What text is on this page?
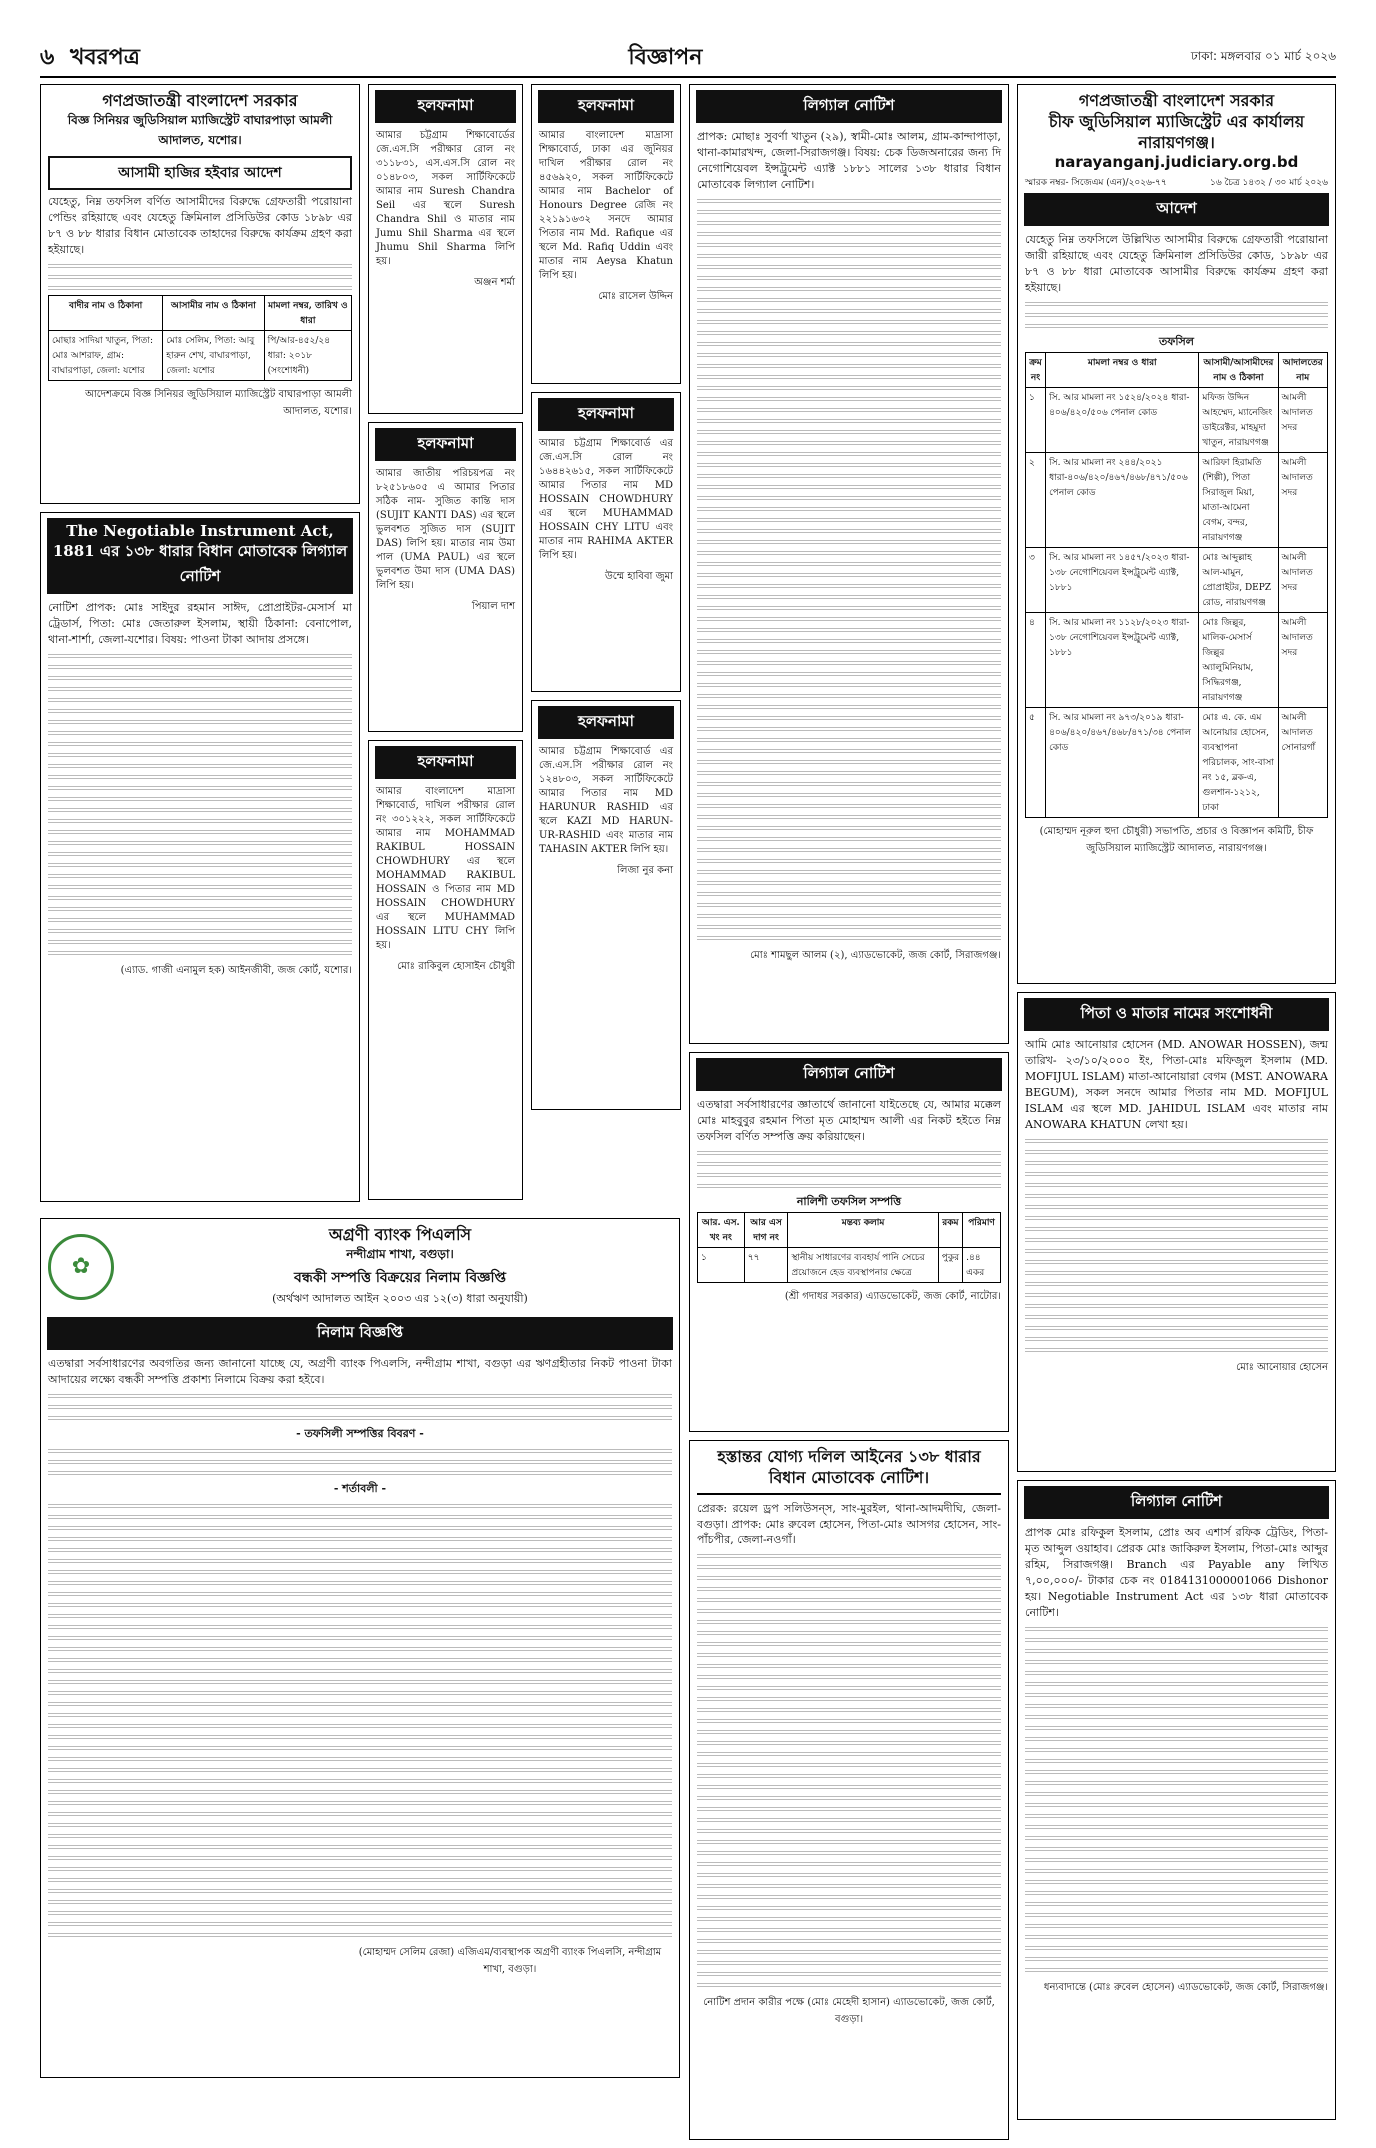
৬ খবরপত্র	বিজ্ঞাপন	ঢাকা: মঙ্গলবার ০১ মার্চ ২০২৬
গণপ্রজাতন্ত্রী বাংলাদেশ সরকার
বিজ্ঞ সিনিয়র জুডিসিয়াল ম্যাজিস্ট্রেট বাঘারপাড়া আমলী আদালত, যশোর।
আসামী হাজির হইবার আদেশ

যেহেতু, নিম্ন তফসিল বর্ণিত আসামীদের বিরুদ্ধে গ্রেফতারী পরোয়ানা পেন্ডিং রহিয়াছে এবং যেহেতু ক্রিমিনাল প্রসিডিউর কোড ১৮৯৮ এর ৮৭ ও ৮৮ ধারার বিধান মোতাবেক তাহাদের বিরুদ্ধে কার্যক্রম গ্রহণ করা হইয়াছে।

বাদীর নাম ও ঠিকানা	আসামীর নাম ও ঠিকানা	মামলা নম্বর, তারিখ ও ধারা
মোছাঃ সাদিয়া খাতুন, পিতা: মোঃ আশরাফ, গ্রাম: বাঘারপাড়া, জেলা: যশোর	মোঃ সেলিম, পিতা: আবু হারুন শেখ, বাঘারপাড়া, জেলা: যশোর	পি/আর-৪৫২/২৪ ধারা: ২০১৮ (সংশোধনী)
আদেশক্রমে বিজ্ঞ সিনিয়র জুডিসিয়াল ম্যাজিস্ট্রেট বাঘারপাড়া আমলী আদালত, যশোর।
The Negotiable Instrument Act, 1881 এর ১৩৮ ধারার বিধান মোতাবেক লিগ্যাল নোটিশ

নোটিশ প্রাপক: মোঃ সাইদুর রহমান সাঈদ, প্রোপ্রাইটর-মেসার্স মা ট্রেডার্স, পিতা: মোঃ জেতারুল ইসলাম, স্থায়ী ঠিকানা: বেনাপোল, থানা-শার্শা, জেলা-যশোর। বিষয়: পাওনা টাকা আদায় প্রসঙ্গে।

(এ্যাড. গাজী এনামুল হক) আইনজীবী, জজ কোর্ট, যশোর।
✿
অগ্রণী ব্যাংক পিএলসি
নন্দীগ্রাম শাখা, বগুড়া।
বন্ধকী সম্পত্তি বিক্রয়ের নিলাম বিজ্ঞপ্তি
(অর্থঋণ আদালত আইন ২০০৩ এর ১২(৩) ধারা অনুযায়ী)
নিলাম বিজ্ঞপ্তি

এতদ্বারা সর্বসাধারণের অবগতির জন্য জানানো যাচ্ছে যে, অগ্রণী ব্যাংক পিএলসি, নন্দীগ্রাম শাখা, বগুড়া এর ঋণগ্রহীতার নিকট পাওনা টাকা আদায়ের লক্ষ্যে বন্ধকী সম্পত্তি প্রকাশ্য নিলামে বিক্রয় করা হইবে।

- তফসিলী সম্পত্তির বিবরণ -
- শর্তাবলী -
(মোহাম্মদ সেলিম রেজা) এজিএম/ব্যবস্থাপক অগ্রণী ব্যাংক পিএলসি, নন্দীগ্রাম শাখা, বগুড়া।
হলফনামা

আমার চট্টগ্রাম শিক্ষাবোর্ডের জে.এস.সি পরীক্ষার রোল নং ৩১১৮৩১, এস.এস.সি রোল নং ০১৪৮০৩, সকল সার্টিফিকেটে আমার নাম Suresh Chandra Seil এর স্থলে Suresh Chandra Shil ও মাতার নাম Jumu Shil Sharma এর স্থলে Jhumu Shil Sharma লিপি হয়।

অঞ্জন শর্মা
হলফনামা

আমার জাতীয় পরিচয়পত্র নং ৮২৫১৮৬০৫ এ আমার পিতার সঠিক নাম- সুজিত কান্তি দাস (SUJIT KANTI DAS) এর স্থলে ভুলবশত সুজিত দাস (SUJIT DAS) লিপি হয়। মাতার নাম উমা পাল (UMA PAUL) এর স্থলে ভুলবশত উমা দাস (UMA DAS) লিপি হয়।

পিয়াল দাশ
হলফনামা

আমার বাংলাদেশ মাদ্রাসা শিক্ষাবোর্ড, দাখিল পরীক্ষার রোল নং ৩০১২২২, সকল সার্টিফিকেটে আমার নাম MOHAMMAD RAKIBUL HOSSAIN CHOWDHURY এর স্থলে MOHAMMAD RAKIBUL HOSSAIN ও পিতার নাম MD HOSSAIN CHOWDHURY এর স্থলে MUHAMMAD HOSSAIN LITU CHY লিপি হয়।

মোঃ রাকিবুল হোসাইন চৌধুরী
হলফনামা

আমার বাংলাদেশ মাদ্রাসা শিক্ষাবোর্ড, ঢাকা এর জুনিয়র দাখিল পরীক্ষার রোল নং ৪৫৬৯২০, সকল সার্টিফিকেটে আমার নাম Bachelor of Honours Degree রেজি নং ২২১৯১৬৩২ সনদে আমার পিতার নাম Md. Rafique এর স্থলে Md. Rafiq Uddin এবং মাতার নাম Aeysa Khatun লিপি হয়।

মোঃ রাসেল উদ্দিন
হলফনামা

আমার চট্টগ্রাম শিক্ষাবোর্ড এর জে.এস.সি রোল নং ১৬৪৪২৬১৫, সকল সার্টিফিকেটে আমার পিতার নাম MD HOSSAIN CHOWDHURY এর স্থলে MUHAMMAD HOSSAIN CHY LITU এবং মাতার নাম RAHIMA AKTER লিপি হয়।

উম্মে হাবিবা জুমা
হলফনামা

আমার চট্টগ্রাম শিক্ষাবোর্ড এর জে.এস.সি পরীক্ষার রোল নং ১২৪৮০৩, সকল সার্টিফিকেটে আমার পিতার নাম MD HARUNUR RASHID এর স্থলে KAZI MD HARUN-UR-RASHID এবং মাতার নাম TAHASIN AKTER লিপি হয়।

লিজা নুর কনা
লিগ্যাল নোটিশ

প্রাপক: মোছাঃ সুবর্ণা খাতুন (২৯), স্বামী-মোঃ আলম, গ্রাম-কান্দাপাড়া, থানা-কামারখন্দ, জেলা-সিরাজগঞ্জ। বিষয়: চেক ডিজঅনারের জন্য দি নেগোশিয়েবল ইন্সট্রুমেন্ট এ্যাক্ট ১৮৮১ সালের ১৩৮ ধারার বিধান মোতাবেক লিগ্যাল নোটিশ।

মোঃ শামছুল আলম (২), এ্যাডভোকেট, জজ কোর্ট, সিরাজগঞ্জ।
লিগ্যাল নোটিশ

এতদ্বারা সর্বসাধারণের জ্ঞাতার্থে জানানো যাইতেছে যে, আমার মক্কেল মোঃ মাহবুবুর রহমান পিতা মৃত মোহাম্মদ আলী এর নিকট হইতে নিম্ন তফসিল বর্ণিত সম্পত্তি ক্রয় করিয়াছেন।

নালিশী তফসিল সম্পত্তি
আর. এস. খং নং	আর এস দাগ নং	মন্তব্য কলাম	রকম	পরিমাণ
১	৭৭	স্থানীয় সাধারণের ব্যবহার্য পানি সেচের প্রয়োজনে হেড ব্যবস্থাপনার ক্ষেত্রে	পুকুর	.৪৪ একর
(শ্রী গদাধর সরকার) এ্যাডভোকেট, জজ কোর্ট, নাটোর।
হস্তান্তর যোগ্য দলিল আইনের ১৩৮ ধারার বিধান মোতাবেক নোটিশ।

প্রেরক: রয়েল ড্রপ সলিউসন্‌স, সাং-মুরইল, থানা-আদমদীঘি, জেলা-বগুড়া। প্রাপক: মোঃ রুবেল হোসেন, পিতা-মোঃ আসগর হোসেন, সাং-পাঁচপীর, জেলা-নওগাঁ।

নোটিশ প্রদান কারীর পক্ষে (মোঃ মেহেদী হাসান) এ্যাডভোকেট, জজ কোর্ট, বগুড়া।
গণপ্রজাতন্ত্রী বাংলাদেশ সরকার
চীফ জুডিসিয়াল ম্যাজিস্ট্রেট এর কার্যালয়
নারায়ণগঞ্জ।
narayanganj.judiciary.org.bd
স্মারক নম্বর- সিজেএম (এন)/২০২৬-৭৭	১৬ চৈত্র ১৪৩২ / ৩০ মার্চ ২০২৬
আদেশ

যেহেতু নিম্ন তফসিলে উল্লিখিত আসামীর বিরুদ্ধে গ্রেফতারী পরোয়ানা জারী রহিয়াছে এবং যেহেতু ক্রিমিনাল প্রসিডিউর কোড, ১৮৯৮ এর ৮৭ ও ৮৮ ধারা মোতাবেক আসামীর বিরুদ্ধে কার্যক্রম গ্রহণ করা হইয়াছে।

তফসিল
ক্রম নং	মামলা নম্বর ও ধারা	আসামী/আসামীদের নাম ও ঠিকানা	আদালতের নাম
১	সি. আর মামলা নং ১৫২৪/২০২৪ ধারা- ৪০৬/৪২০/৫০৬ পেনাল কোড	মফিজ উদ্দিন আহম্মেদ, ম্যানেজিং ডাইরেক্টর, মাহমুদা খাতুন, নারায়ণগঞ্জ	আমলী আদালত সদর
২	সি. আর মামলা নং ২৪৪/২০২১ ধারা-৪০৬/৪২০/৪৬৭/৪৬৮/৪৭১/৫০৬ পেনাল কোড	আরিফা হিরামতি (শিল্পী), পিতা সিরাজুল মিয়া, মাতা-আমেনা বেগম, বন্দর, নারায়ণগঞ্জ	আমলী আদালত সদর
৩	সি. আর মামলা নং ১৪৫৭/২০২৩ ধারা- ১৩৮ নেগোশিয়েবল ইন্সট্রুমেন্ট এ্যাক্ট, ১৮৮১	মোঃ আব্দুল্লাহ আল-মামুন, প্রোপ্রাইটর, DEPZ রোড, নারায়ণগঞ্জ	আমলী আদালত সদর
৪	সি. আর মামলা নং ১১২৮/২০২৩ ধারা- ১৩৮ নেগোশিয়েবল ইন্সট্রুমেন্ট এ্যাক্ট, ১৮৮১	মোঃ জিল্লুর, মালিক-মেসার্স জিল্লুর অ্যালুমিনিয়াম, সিদ্ধিরগঞ্জ, নারায়ণগঞ্জ	আমলী আদালত সদর
৫	সি. আর মামলা নং ৯৭৩/২০১৯ ধারা- ৪০৬/৪২০/৪৬৭/৪৬৮/৪৭১/৩৪ পেনাল কোড	মোঃ এ. কে. এম আনোয়ার হোসেন, ব্যবস্থাপনা পরিচালক, সাং-বাসা নং ১৫, ব্লক-এ, গুলশান-১২১২, ঢাকা	আমলী আদালত সোনারগাঁ
(মোহাম্মদ নূরুল হুদা চৌধুরী) সভাপতি, প্রচার ও বিজ্ঞাপন কমিটি, চীফ জুডিসিয়াল ম্যাজিস্ট্রেট আদালত, নারায়ণগঞ্জ।
পিতা ও মাতার নামের সংশোধনী

আমি মোঃ আনোয়ার হোসেন (MD. ANOWAR HOSSEN), জন্ম তারিখ- ২৩/১০/২০০০ ইং, পিতা-মোঃ মফিজুল ইসলাম (MD. MOFIJUL ISLAM) মাতা-আনোয়ারা বেগম (MST. ANOWARA BEGUM), সকল সনদে আমার পিতার নাম MD. MOFIJUL ISLAM এর স্থলে MD. JAHIDUL ISLAM এবং মাতার নাম ANOWARA KHATUN লেখা হয়।

মোঃ আনোয়ার হোসেন
লিগ্যাল নোটিশ

প্রাপক মোঃ রফিকুল ইসলাম, প্রোঃ অব এশার্স রফিক ট্রেডিং, পিতা-মৃত আব্দুল ওয়াহাব। প্রেরক মোঃ জাকিরুল ইসলাম, পিতা-মোঃ আব্দুর রহিম, সিরাজগঞ্জ। Branch এর Payable any লিখিত ৭,০০,০০০/- টাকার চেক নং 0184131000001066 Dishonor হয়। Negotiable Instrument Act এর ১৩৮ ধারা মোতাবেক নোটিশ।

ধন্যবাদান্তে (মোঃ রুবেল হোসেন) এ্যাডভোকেট, জজ কোর্ট, সিরাজগঞ্জ।
